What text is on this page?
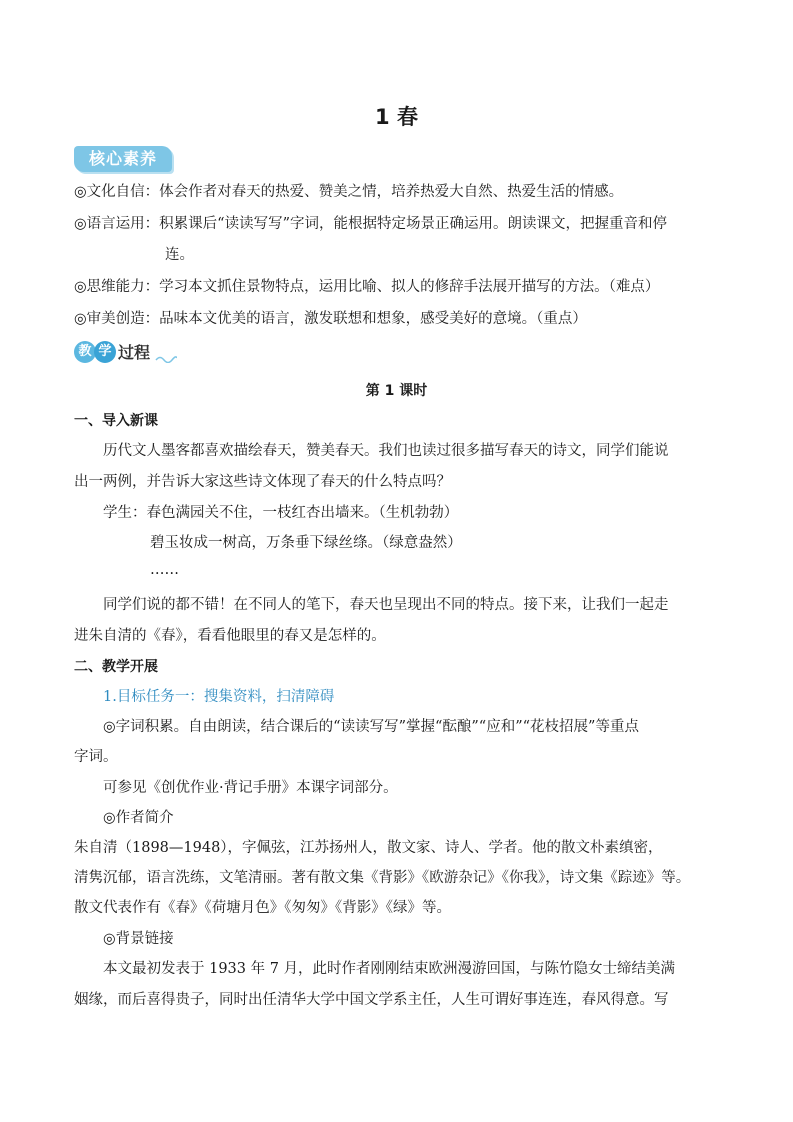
1 春
核心素养
◎文化自信：体会作者对春天的热爱、赞美之情，培养热爱大自然、热爱生活的情感。
◎语言运用：积累课后“读读写写”字词，能根据特定场景正确运用。朗读课文，把握重音和停
连。
◎思维能力：学习本文抓住景物特点，运用比喻、拟人的修辞手法展开描写的方法。（难点）
◎审美创造：品味本文优美的语言，激发联想和想象，感受美好的意境。（重点）
教 学 过程
第 1 课时
一、导入新课
历代文人墨客都喜欢描绘春天，赞美春天。我们也读过很多描写春天的诗文，同学们能说
出一两例，并告诉大家这些诗文体现了春天的什么特点吗？
学生：春色满园关不住，一枝红杏出墙来。（生机勃勃）
碧玉妆成一树高，万条垂下绿丝绦。（绿意盎然）
……
同学们说的都不错！在不同人的笔下，春天也呈现出不同的特点。接下来，让我们一起走
进朱自清的《春》，看看他眼里的春又是怎样的。
二、教学开展
1.目标任务一：搜集资料，扫清障碍
◎字词积累。自由朗读，结合课后的“读读写写”掌握“酝酿”“应和”“花枝招展”等重点
字词。
可参见《创优作业·背记手册》本课字词部分。
◎作者简介
朱自清（1898—1948），字佩弦，江苏扬州人，散文家、诗人、学者。他的散文朴素缜密，
清隽沉郁，语言洗练，文笔清丽。著有散文集《背影》《欧游杂记》《你我》，诗文集《踪迹》等。
散文代表作有《春》《荷塘月色》《匆匆》《背影》《绿》等。
◎背景链接
本文最初发表于 1933 年 7 月，此时作者刚刚结束欧洲漫游回国，与陈竹隐女士缔结美满
姻缘，而后喜得贵子，同时出任清华大学中国文学系主任，人生可谓好事连连，春风得意。写
